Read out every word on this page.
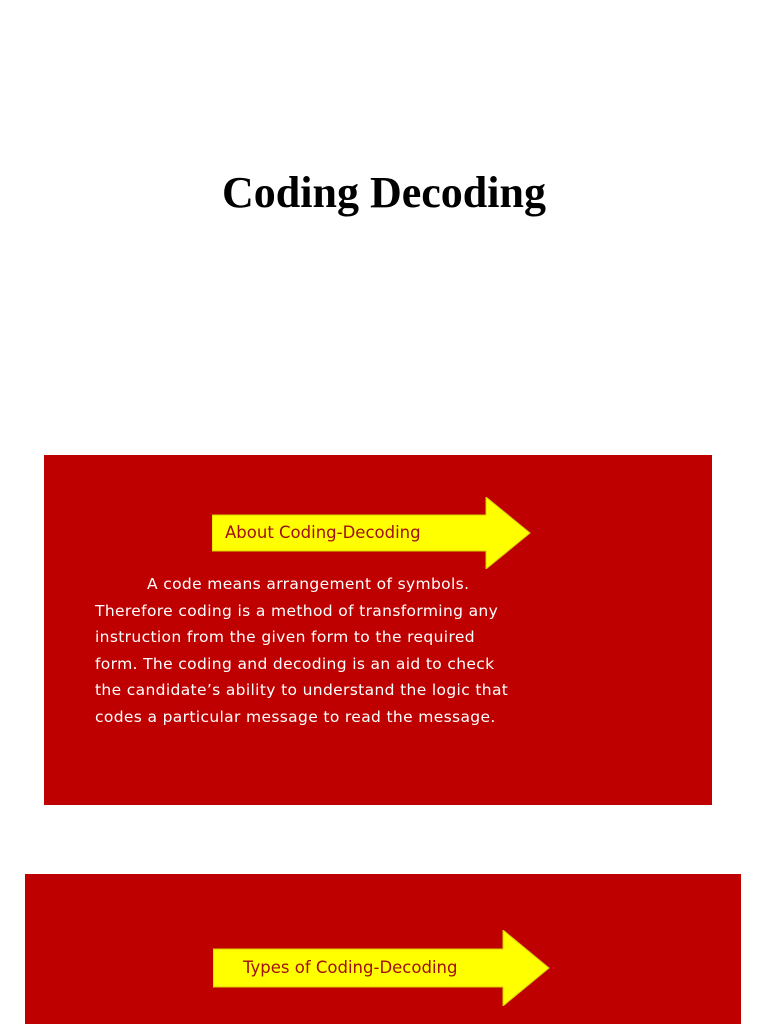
Coding Decoding
About Coding-Decoding

A code means arrangement of symbols.
Therefore coding is a method of transforming any
instruction from the given form to the required
form. The coding and decoding is an aid to check
the candidate’s ability to understand the logic that
codes a particular message to read the message.

Types of Coding-Decoding
